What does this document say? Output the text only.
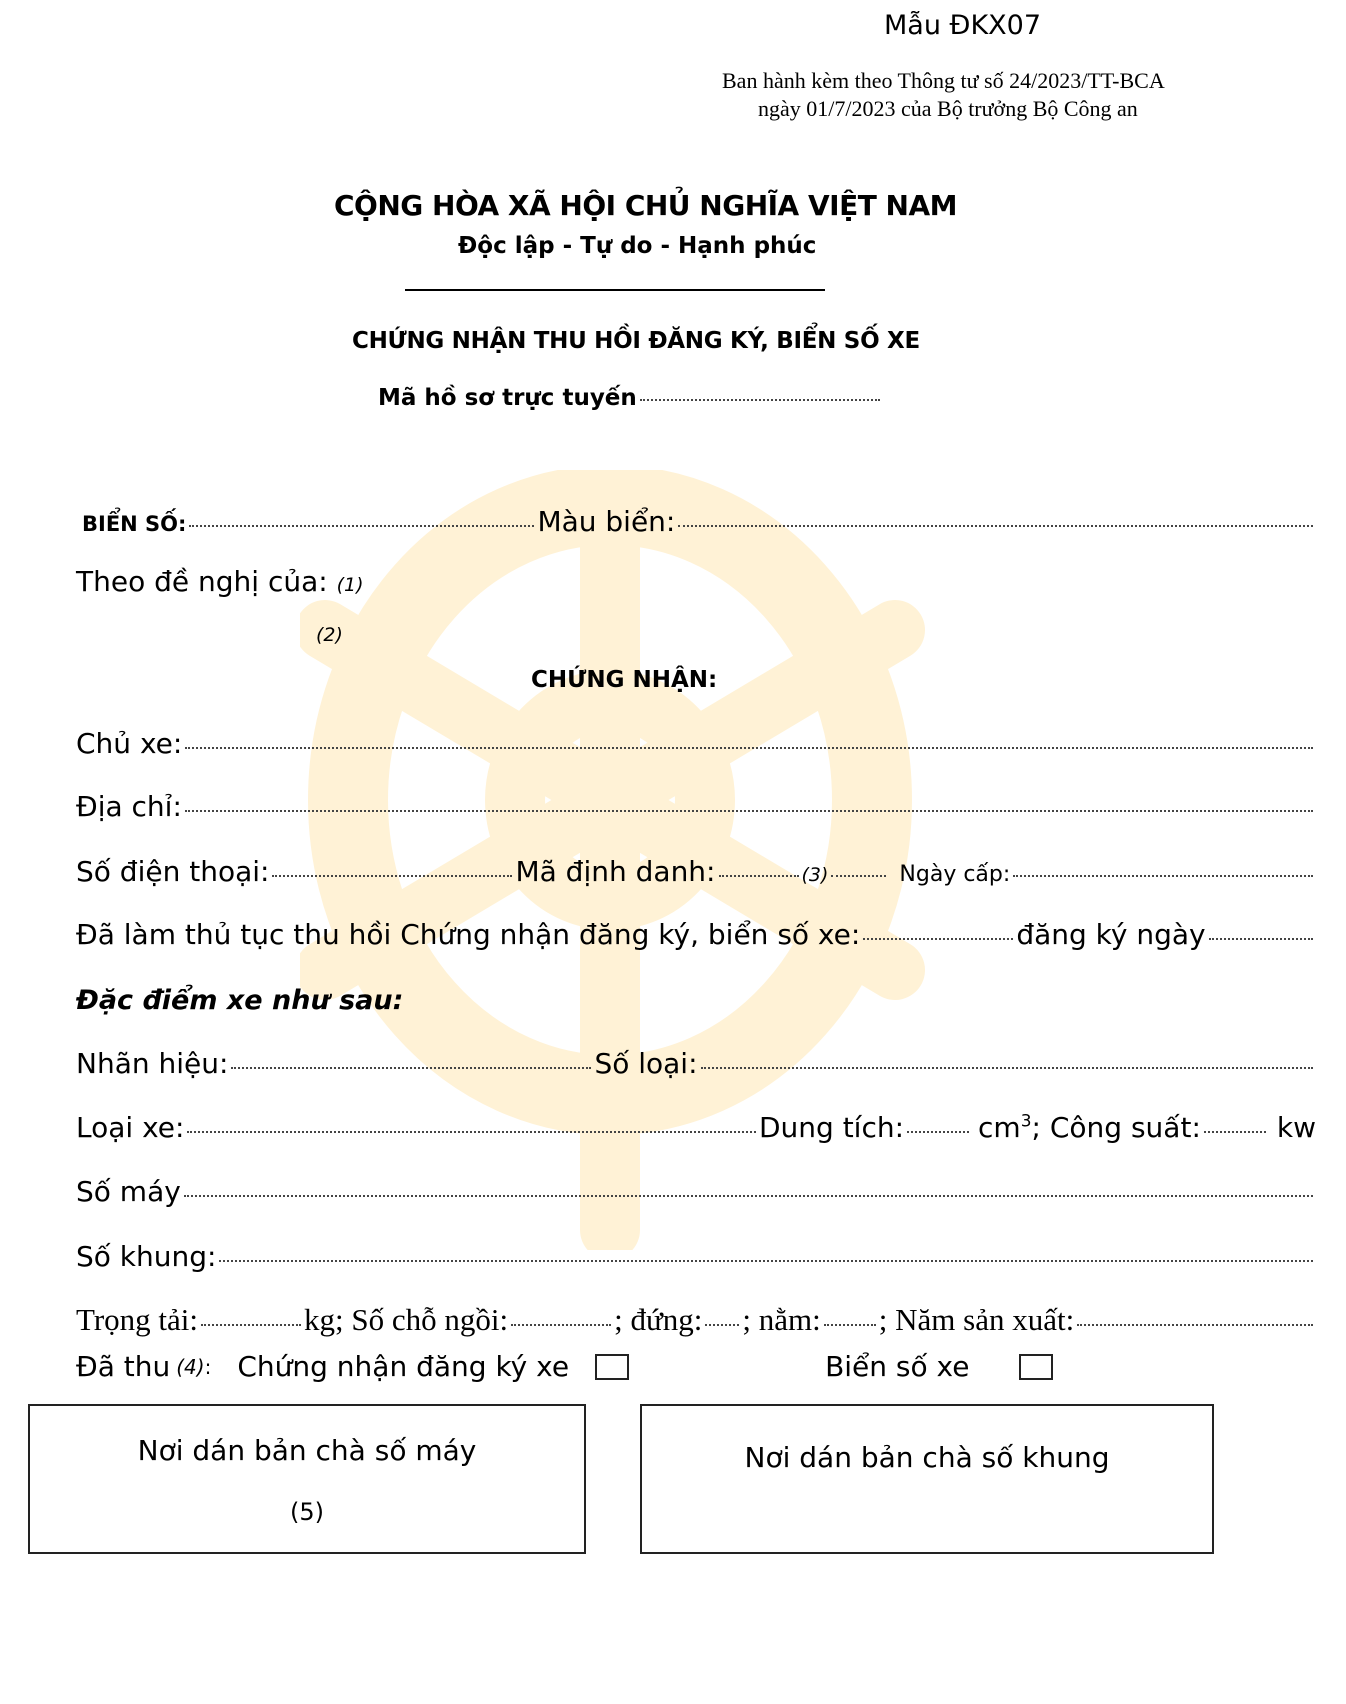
Mẫu ĐKX07
Ban hành kèm theo Thông tư số 24/2023/TT-BCA
ngày 01/7/2023 của Bộ trưởng Bộ Công an
CỘNG HÒA XÃ HỘI CHỦ NGHĨA VIỆT NAM
Độc lập - Tự do - Hạnh phúc
CHỨNG NHẬN THU HỒI ĐĂNG KÝ, BIỂN SỐ XE
Mã hồ sơ trực tuyến
BIỂN SỐ:	Màu biển:
Theo đề nghị của: (1)
(2)
CHỨNG NHẬN:
Chủ xe:
Địa chỉ:
Số điện thoại:	Mã định danh:	(3)	Ngày cấp:
Đã làm thủ tục thu hồi Chứng nhận đăng ký, biển số xe:	đăng ký ngày
Đặc điểm xe như sau:
Nhãn hiệu:	Số loại:
Loại xe:	Dung tích:	$cm^3$ ; Công suất:	kw
Số máy
Số khung:
Trọng tải:	kg; Số chỗ ngồi:	; đứng: ; nằm: ; Năm sản xuất:
Đã thu (4) : Chứng nhận đăng ký xe	Biển số xe
Nơi dán bản chà số máy
(5)
Nơi dán bản chà số khung
